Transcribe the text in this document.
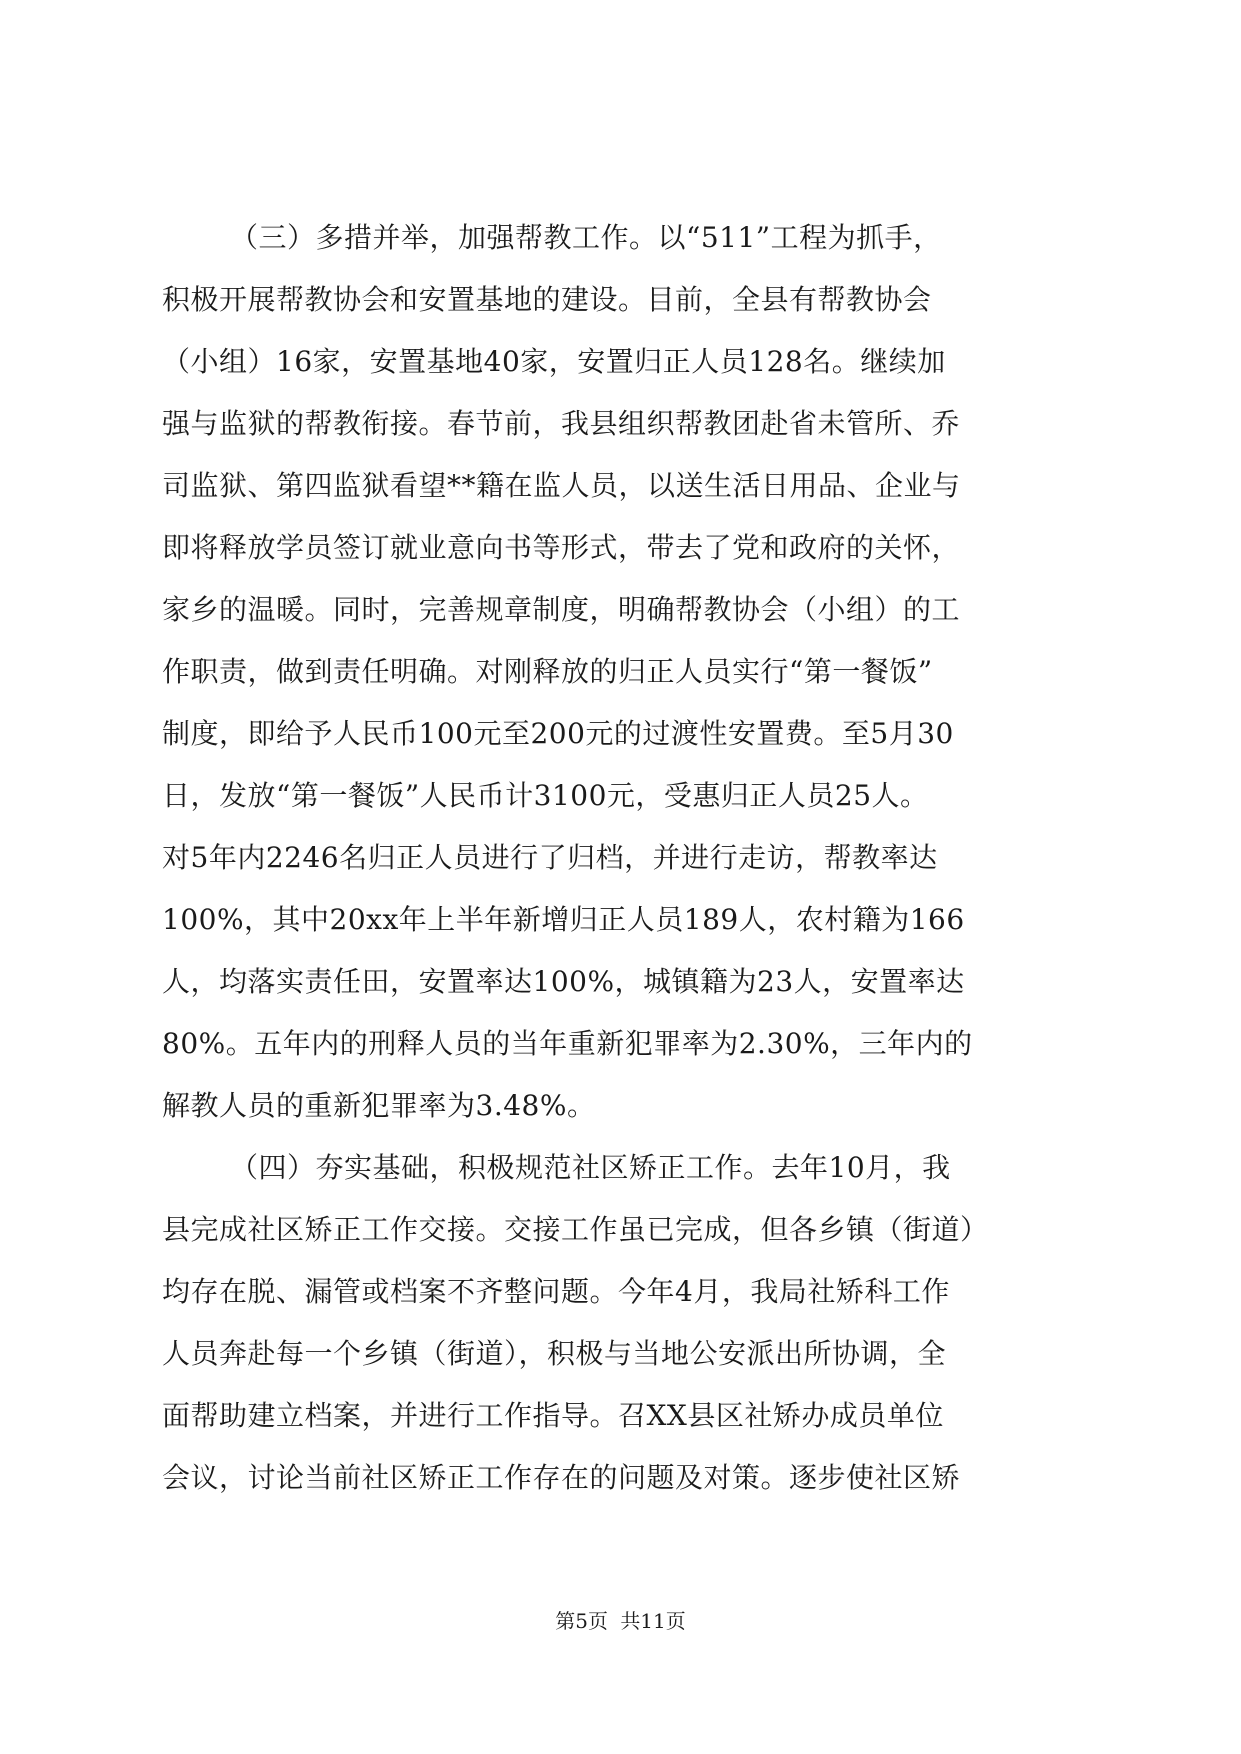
（三）多措并举，加强帮教工作。以“511”工程为抓手，
积极开展帮教协会和安置基地的建设。目前，全县有帮教协会
（小组）16家，安置基地40家，安置归正人员128名。继续加
强与监狱的帮教衔接。春节前，我县组织帮教团赴省未管所、乔
司监狱、第四监狱看望**籍在监人员，以送生活日用品、企业与
即将释放学员签订就业意向书等形式，带去了党和政府的关怀，
家乡的温暖。同时，完善规章制度，明确帮教协会（小组）的工
作职责，做到责任明确。对刚释放的归正人员实行“第一餐饭”
制度，即给予人民币100元至200元的过渡性安置费。至5月30
日，发放“第一餐饭”人民币计3100元，受惠归正人员25人。
对5年内2246名归正人员进行了归档，并进行走访，帮教率达
100%，其中20xx年上半年新增归正人员189人，农村籍为166
人，均落实责任田，安置率达100%，城镇籍为23人，安置率达
80%。五年内的刑释人员的当年重新犯罪率为2.30%，三年内的
解教人员的重新犯罪率为3.48%。
（四）夯实基础，积极规范社区矫正工作。去年10月，我
县完成社区矫正工作交接。交接工作虽已完成，但各乡镇（街道）
均存在脱、漏管或档案不齐整问题。今年4月，我局社矫科工作
人员奔赴每一个乡镇（街道），积极与当地公安派出所协调，全
面帮助建立档案，并进行工作指导。召XX县区社矫办成员单位
会议，讨论当前社区矫正工作存在的问题及对策。逐步使社区矫
第5页 共11页
